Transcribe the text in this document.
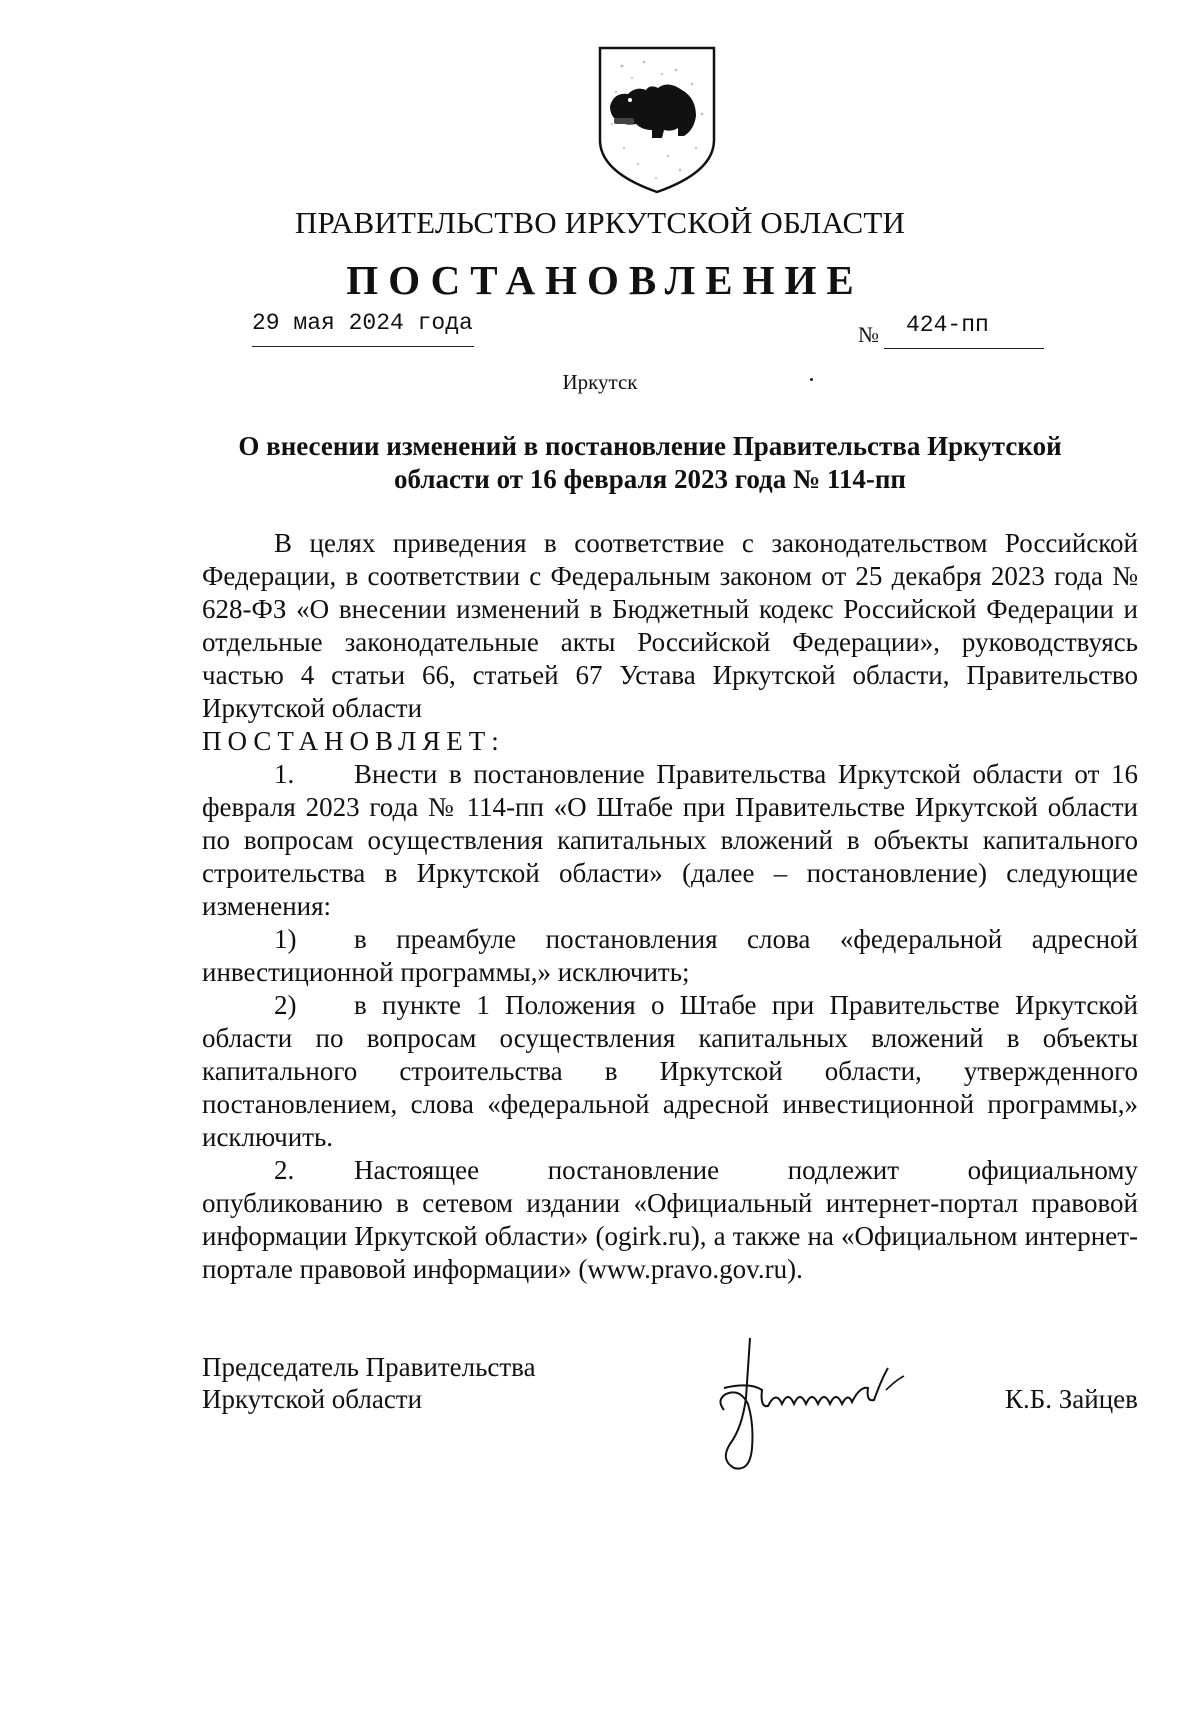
ПРАВИТЕЛЬСТВО ИРКУТСКОЙ ОБЛАСТИ
ПОСТАНОВЛЕНИЕ
29 мая 2024 года	№ 424-пп
Иркутск
О внесении изменений в постановление Правительства Иркутской
области от 16 февраля 2023 года № 114-пп

В целях приведения в соответствие с законодательством Российской Федерации, в соответствии с Федеральным законом от 25 декабря 2023 года № 628-ФЗ «О внесении изменений в Бюджетный кодекс Российской Федерации и отдельные законодательные акты Российской Федерации», руководствуясь частью 4 статьи 66, статьей 67 Устава Иркутской области, Правительство Иркутской области

ПОСТАНОВЛЯЕТ:

1. Внести в постановление Правительства Иркутской области от 16 февраля 2023 года № 114-пп «О Штабе при Правительстве Иркутской области по вопросам осуществления капитальных вложений в объекты капитального строительства в Иркутской области» (далее – постановление) следующие изменения:

1) в преамбуле постановления слова «федеральной адресной инвестиционной программы,» исключить;

2) в пункте 1 Положения о Штабе при Правительстве Иркутской области по вопросам осуществления капитальных вложений в объекты капитального строительства в Иркутской области, утвержденного постановлением, слова «федеральной адресной инвестиционной программы,» исключить.

2. Настоящее постановление подлежит официальному опубликованию в сетевом издании «Официальный интернет-портал правовой информации Иркутской области» (ogirk.ru), а также на «Официальном интернет-портале правовой информации» (www.pravo.gov.ru).

Председатель Правительства
Иркутской области	К.Б. Зайцев
